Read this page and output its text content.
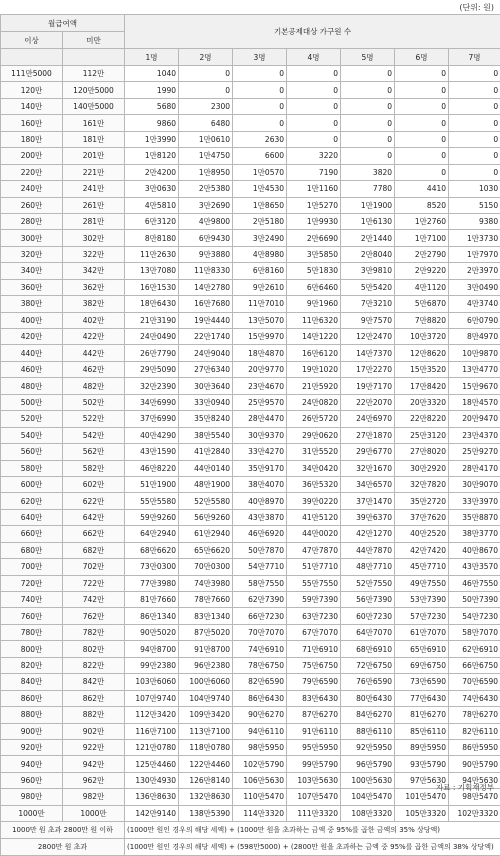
(단위: 원)
월급여액		기본공제대상 가구원 수						
이상	미만							
		1명	2명	3명	4명	5명	6명	7명
111만5000	112만	1040	0	0	0	0	0	0
120만	120만5000	1990	0	0	0	0	0	0
140만	140만5000	5680	2300	0	0	0	0	0
160만	161만	9860	6480	0	0	0	0	0
180만	181만	1만3990	1만0610	2630	0	0	0	0
200만	201만	1만8120	1만4750	6600	3220	0	0	0
220만	221만	2만4200	1만8950	1만0570	7190	3820	0	0
240만	241만	3만0630	2만5380	1만4530	1만1160	7780	4410	1030
260만	261만	4만5810	3만2690	1만8650	1만5270	1만1900	8520	5150
280만	281만	6만3120	4만9800	2만5180	1만9930	1만6130	1만2760	9380
300만	302만	8만8180	6만9430	3만2490	2만6690	2만1440	1만7100	1만3730
320만	322만	11만2630	9만3880	4만8980	3만5850	2만8040	2만2790	1만7970
340만	342만	13만7080	11만8330	6만8160	5만1830	3만9810	2만9220	2만3970
360만	362만	16만1530	14만2780	9만2610	6만6460	5만5420	4만1120	3만0490
380만	382만	18만6430	16만7680	11만7010	9만1960	7만3210	5만6870	4만3740
400만	402만	21만3190	19만4440	13만5070	11만6320	9만7570	7만8820	6만0790
420만	422만	24만0490	22만1740	15만9970	14만1220	12만2470	10만3720	8만4970
440만	442만	26만7790	24만9040	18만4870	16만6120	14만7370	12만8620	10만9870
460만	462만	29만5090	27만6340	20만9770	19만1020	17만2270	15만3520	13만4770
480만	482만	32만2390	30만3640	23만4670	21만5920	19만7170	17만8420	15만9670
500만	502만	34만6990	33만0940	25만9570	24만0820	22만2070	20만3320	18만4570
520만	522만	37만6990	35만8240	28만4470	26만5720	24만6970	22만8220	20만9470
540만	542만	40만4290	38만5540	30만9370	29만0620	27만1870	25만3120	23만4370
560만	562만	43만1590	41만2840	33만4270	31만5520	29만6770	27만8020	25만9270
580만	582만	46만8220	44만0140	35만9170	34만0420	32만1670	30만2920	28만4170
600만	602만	51만1900	48만1900	38만4070	36만5320	34만6570	32만7820	30만9070
620만	622만	55만5580	52만5580	40만8970	39만0220	37만1470	35만2720	33만3970
640만	642만	59만9260	56만9260	43만3870	41만5120	39만6370	37만7620	35만8870
660만	662만	64만2940	61만2940	46만6920	44만0020	42만1270	40만2520	38만3770
680만	682만	68만6620	65만6620	50만7870	47만7870	44만7870	42만7420	40만8670
700만	702만	73만0300	70만0300	54만7710	51만7710	48만7710	45만7710	43만3570
720만	722만	77만3980	74만3980	58만7550	55만7550	52만7550	49만7550	46만7550
740만	742만	81만7660	78만7660	62만7390	59만7390	56만7390	53만7390	50만7390
760만	762만	86만1340	83만1340	66만7230	63만7230	60만7230	57만7230	54만7230
780만	782만	90만5020	87만5020	70만7070	67만7070	64만7070	61만7070	58만7070
800만	802만	94만8700	91만8700	74만6910	71만6910	68만6910	65만6910	62만6910
820만	822만	99만2380	96만2380	78만6750	75만6750	72만6750	69만6750	66만6750
840만	842만	103만6060	100만6060	82만6590	79만6590	76만6590	73만6590	70만6590
860만	862만	107만9740	104만9740	86만6430	83만6430	80만6430	77만6430	74만6430
880만	882만	112만3420	109만3420	90만6270	87만6270	84만6270	81만6270	78만6270
900만	902만	116만7100	113만7100	94만6110	91만6110	88만6110	85만6110	82만6110
920만	922만	121만0780	118만0780	98만5950	95만5950	92만5950	89만5950	86만5950
940만	942만	125만4460	122만4460	102만5790	99만5790	96만5790	93만5790	90만5790
960만	962만	130만4930	126만8140	106만5630	103만5630	100만5630	97만5630	94만5630
980만	982만	136만8630	132만8630	110만5470	107만5470	104만5470	101만5470	98만5470
1000만	1000만	142만9140	138만5390	114만3320	111만3320	108만3320	105만3320	102만3320
1000만 원 초과 2800만 원 이하		(1000만 원인 경우의 해당 세액) + (1000만 원을 초과하는 금액 중 95%를 곱한 금액의 35% 상당액)						
2800만 원 초과		(1000만 원인 경우의 해당 세액) + (598만5000) + (2800만 원을 초과하는 금액 중 95%를 곱한 금액의 38% 상당액)						
자료 : 기획재정부
